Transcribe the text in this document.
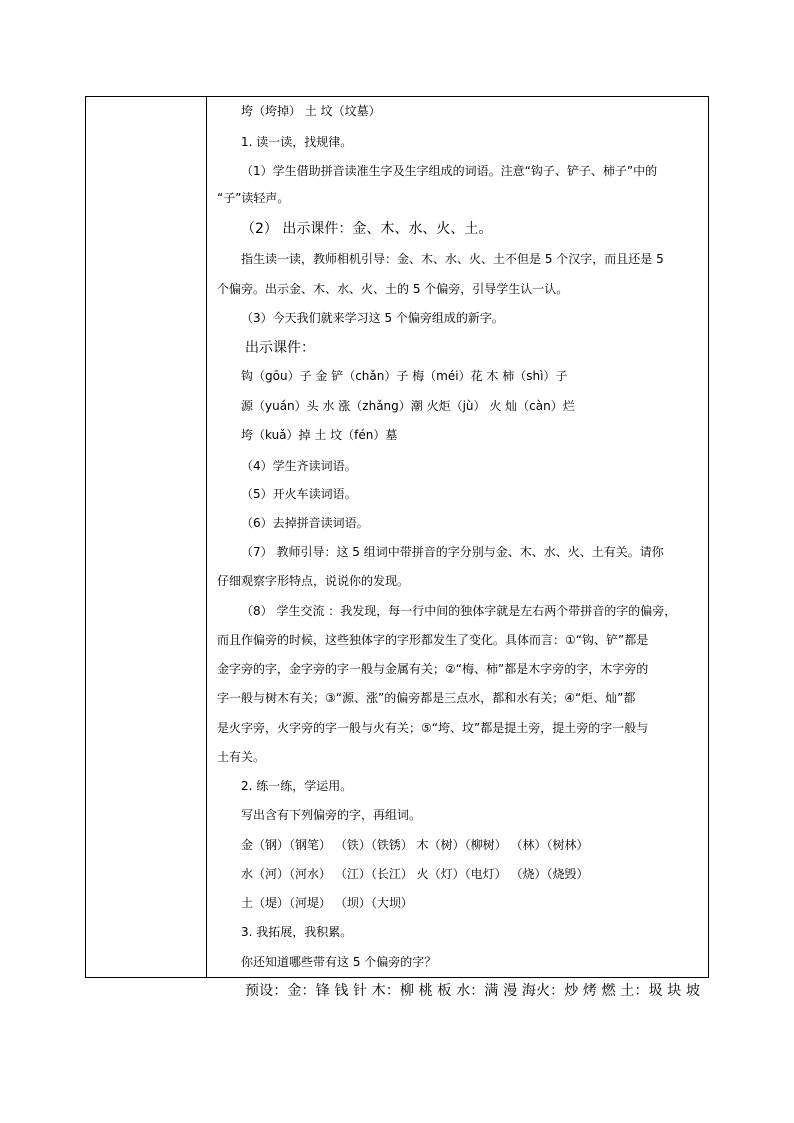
垮（垮掉） 土 坟（坟墓）
1. 读一读，找规律。
（1）学生借助拼音读准生字及生字组成的词语。注意“钩子、铲子、柿子”中的
“子”读轻声。
（2） 出示课件：金、木、水、火、土。
指生读一读，教师相机引导：金、木、水、火、土不但是 5 个汉字，而且还是 5
个偏旁。出示金、木、水、火、土的 5 个偏旁，引导学生认一认。
（3）今天我们就来学习这 5 个偏旁组成的新字。
出示课件：
钩（gōu）子 金 铲（chǎn）子 梅（méi）花 木 柿（shì）子
源（yuán）头 水 涨（zhǎng）潮 火炬（jù） 火 灿（càn）烂
垮（kuǎ）掉 土 坟（fén）墓
（4）学生齐读词语。
（5）开火车读词语。
（6）去掉拼音读词语。
（7） 教师引导：这 5 组词中带拼音的字分别与金、木、水、火、土有关。请你
仔细观察字形特点，说说你的发现。
（8） 学生交流 ：我发现，每一行中间的独体字就是左右两个带拼音的字的偏旁，
而且作偏旁的时候，这些独体字的字形都发生了变化。具体而言：①“钩、铲”都是
金字旁的字，金字旁的字一般与金属有关；②“梅、柿”都是木字旁的字，木字旁的
字一般与树木有关；③“源、涨”的偏旁都是三点水，都和水有关；④“炬、灿”都
是火字旁，火字旁的字一般与火有关；⑤“垮、坟”都是提土旁，提土旁的字一般与
土有关。
2. 练一练，学运用。
写出含有下列偏旁的字，再组词。
金（钢）（钢笔） （铁）（铁锈） 木（树）（柳树） （林）（树林）
水（河）（河水） （江）（长江） 火（灯）（电灯） （烧）（烧毁）
土（堤）（河堤） （坝）（大坝）
3. 我拓展，我积累。
你还知道哪些带有这 5 个偏旁的字？
预设：金：锋 钱 针 木：柳 桃 板 水：满 漫 海火：炒 烤 燃 土：圾 块 坡
